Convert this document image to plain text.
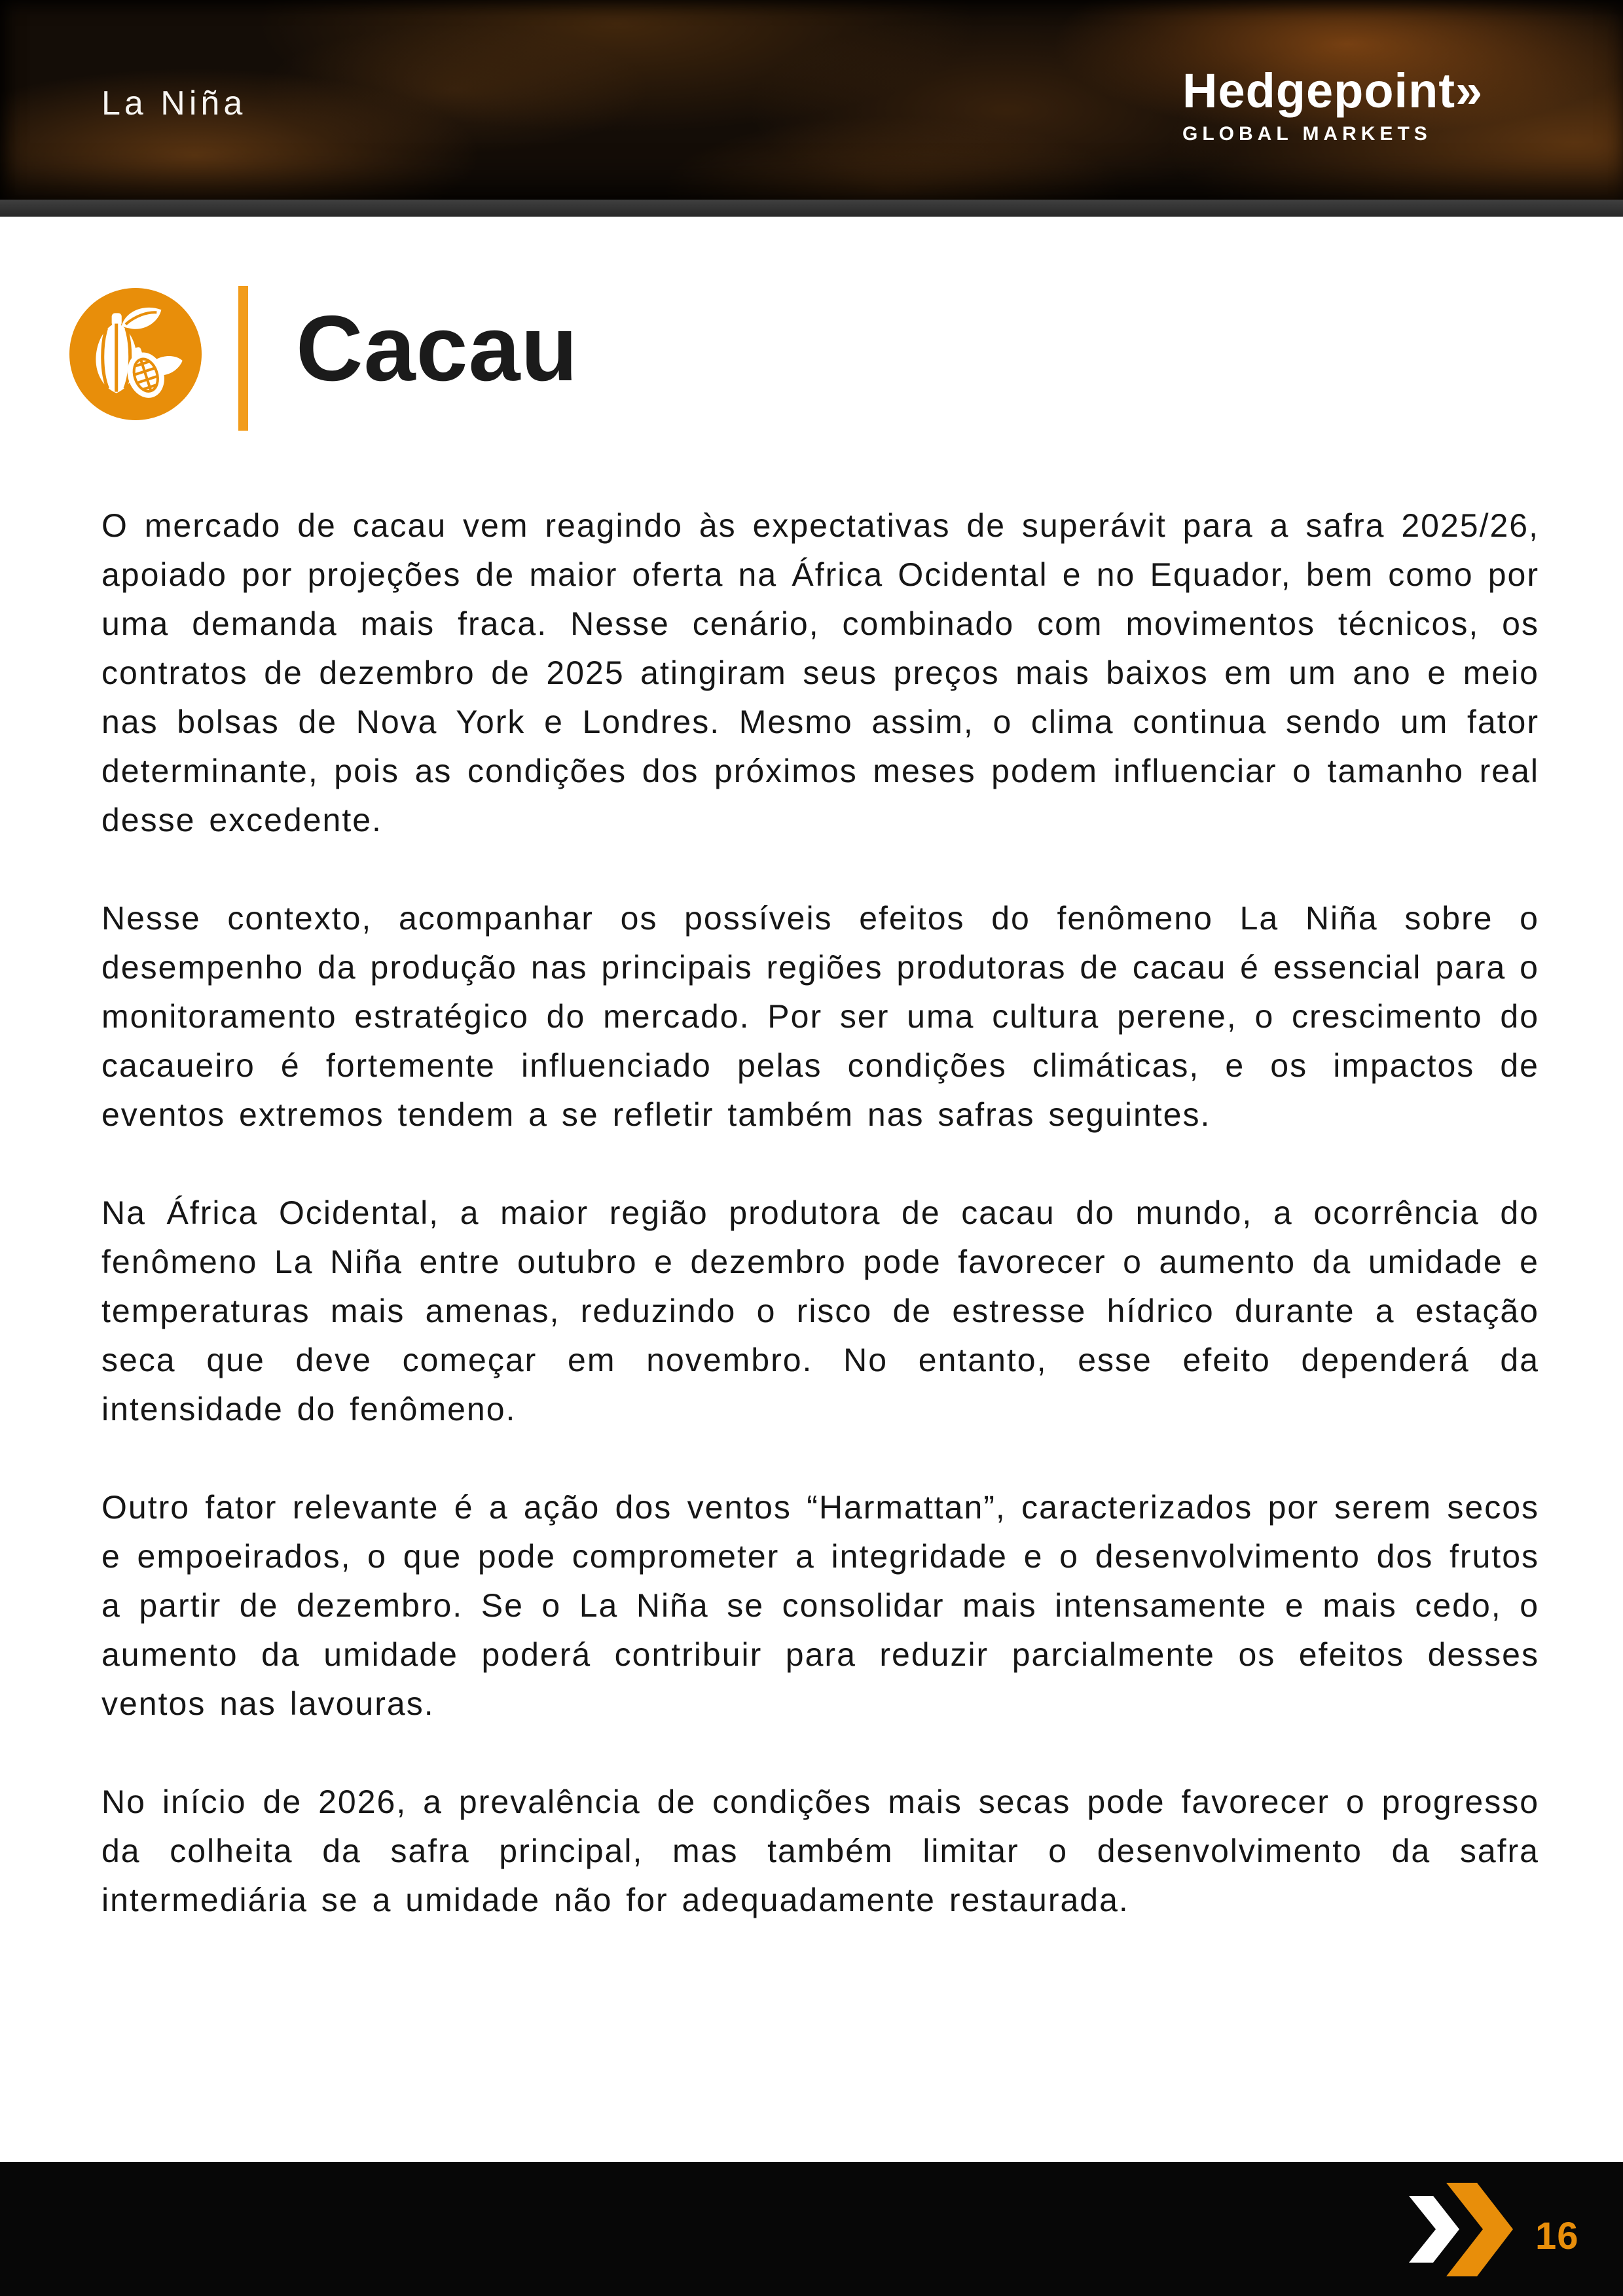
La Niña	Hedgepoint»
GLOBAL MARKETS
Cacau

O mercado de cacau vem reagindo às expectativas de superávit para a safra 2025/26, apoiado por projeções de maior oferta na África Ocidental e no Equador, bem como por uma demanda mais fraca. Nesse cenário, combinado com movimentos técnicos, os contratos de dezembro de 2025 atingiram seus preços mais baixos em um ano e meio nas bolsas de Nova York e Londres. Mesmo assim, o clima continua sendo um fator determinante, pois as condições dos próximos meses podem influenciar o tamanho real desse excedente.

Nesse contexto, acompanhar os possíveis efeitos do fenômeno La Niña sobre o desempenho da produção nas principais regiões produtoras de cacau é essencial para o monitoramento estratégico do mercado. Por ser uma cultura perene, o crescimento do cacaueiro é fortemente influenciado pelas condições climáticas, e os impactos de eventos extremos tendem a se refletir também nas safras seguintes.

Na África Ocidental, a maior região produtora de cacau do mundo, a ocorrência do fenômeno La Niña entre outubro e dezembro pode favorecer o aumento da umidade e temperaturas mais amenas, reduzindo o risco de estresse hídrico durante a estação seca que deve começar em novembro. No entanto, esse efeito dependerá da intensidade do fenômeno.

Outro fator relevante é a ação dos ventos “Harmattan”, caracterizados por serem secos e empoeirados, o que pode comprometer a integridade e o desenvolvimento dos frutos a partir de dezembro. Se o La Niña se consolidar mais intensamente e mais cedo, o aumento da umidade poderá contribuir para reduzir parcialmente os efeitos desses ventos nas lavouras.

No início de 2026, a prevalência de condições mais secas pode favorecer o progresso da colheita da safra principal, mas também limitar o desenvolvimento da safra intermediária se a umidade não for adequadamente restaurada.

16
